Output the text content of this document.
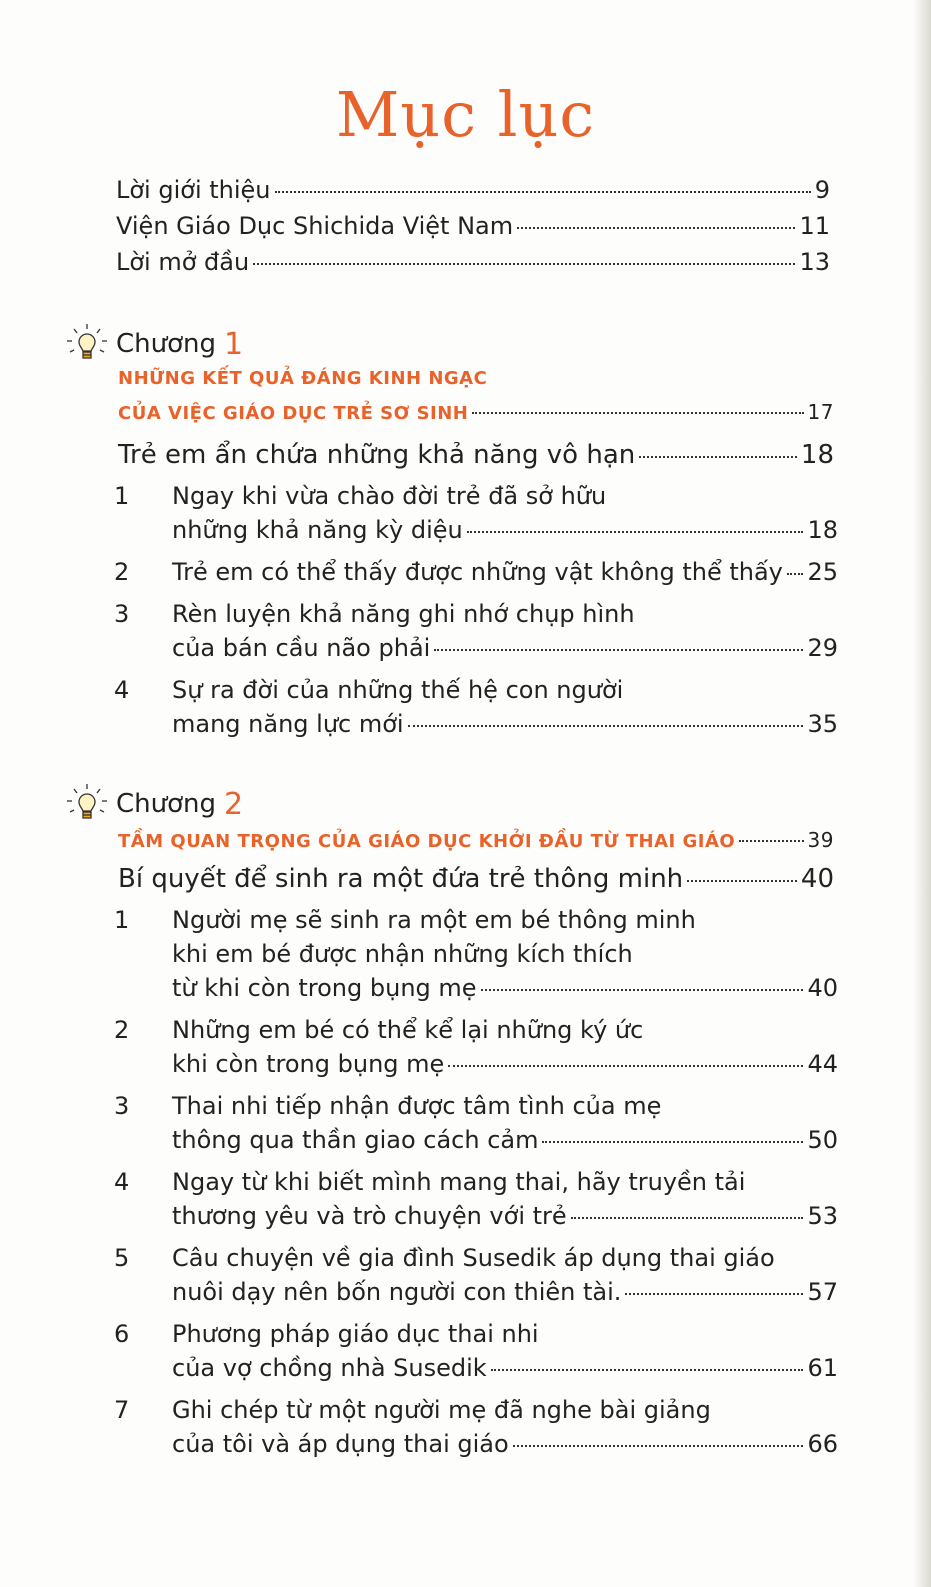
Mục lục
Lời giới thiệu	9
Viện Giáo Dục Shichida Việt Nam	11
Lời mở đầu	13
Chương 1
NHỮNG KẾT QUẢ ĐÁNG KINH NGẠC
CỦA VIỆC GIÁO DỤC TRẺ SƠ SINH	17
Trẻ em ẩn chứa những khả năng vô hạn	18
1 Ngay khi vừa chào đời trẻ đã sở hữu
những khả năng kỳ diệu	18
2 Trẻ em có thể thấy được những vật không thể thấy 25
3 Rèn luyện khả năng ghi nhớ chụp hình
của bán cầu não phải	29
4 Sự ra đời của những thế hệ con người
mang năng lực mới	35
Chương 2
TẦM QUAN TRỌNG CỦA GIÁO DỤC KHỞI ĐẦU TỪ THAI GIÁO	39
Bí quyết để sinh ra một đứa trẻ thông minh	40
1 Người mẹ sẽ sinh ra một em bé thông minh
khi em bé được nhận những kích thích
từ khi còn trong bụng mẹ	40
2 Những em bé có thể kể lại những ký ức
khi còn trong bụng mẹ	44
3 Thai nhi tiếp nhận được tâm tình của mẹ
thông qua thần giao cách cảm	50
4 Ngay từ khi biết mình mang thai, hãy truyền tải
thương yêu và trò chuyện với trẻ	53
5 Câu chuyện về gia đình Susedik áp dụng thai giáo
nuôi dạy nên bốn người con thiên tài.	57
6 Phương pháp giáo dục thai nhi
của vợ chồng nhà Susedik	61
7 Ghi chép từ một người mẹ đã nghe bài giảng
của tôi và áp dụng thai giáo	66
